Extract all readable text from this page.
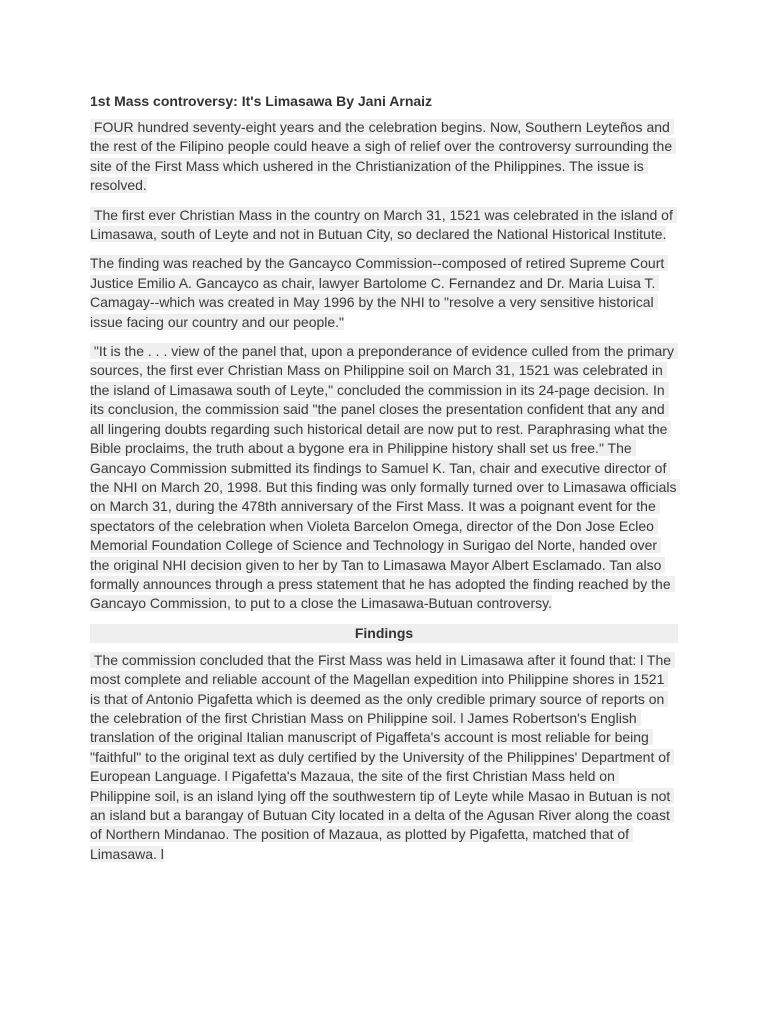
1st Mass controversy: It's Limasawa By Jani Arnaiz

FOUR hundred seventy-eight years and the celebration begins. Now, Southern Leyteños and the rest of the Filipino people could heave a sigh of relief over the controversy surrounding the site of the First Mass which ushered in the Christianization of the Philippines. The issue is resolved.

The first ever Christian Mass in the country on March 31, 1521 was celebrated in the island of Limasawa, south of Leyte and not in Butuan City, so declared the National Historical Institute.

The finding was reached by the Gancayco Commission--composed of retired Supreme Court Justice Emilio A. Gancayco as chair, lawyer Bartolome C. Fernandez and Dr. Maria Luisa T. Camagay--which was created in May 1996 by the NHI to "resolve a very sensitive historical issue facing our country and our people."

"It is the . . . view of the panel that, upon a preponderance of evidence culled from the primary sources, the first ever Christian Mass on Philippine soil on March 31, 1521 was celebrated in the island of Limasawa south of Leyte," concluded the commission in its 24-page decision. In its conclusion, the commission said "the panel closes the presentation confident that any and all lingering doubts regarding such historical detail are now put to rest. Paraphrasing what the Bible proclaims, the truth about a bygone era in Philippine history shall set us free." The Gancayo Commission submitted its findings to Samuel K. Tan, chair and executive director of the NHI on March 20, 1998. But this finding was only formally turned over to Limasawa officials on March 31, during the 478th anniversary of the First Mass. It was a poignant event for the spectators of the celebration when Violeta Barcelon Omega, director of the Don Jose Ecleo Memorial Foundation College of Science and Technology in Surigao del Norte, handed over the original NHI decision given to her by Tan to Limasawa Mayor Albert Esclamado. Tan also formally announces through a press statement that he has adopted the finding reached by the Gancayo Commission, to put to a close the Limasawa-Butuan controversy.

Findings

The commission concluded that the First Mass was held in Limasawa after it found that: l The most complete and reliable account of the Magellan expedition into Philippine shores in 1521 is that of Antonio Pigafetta which is deemed as the only credible primary source of reports on the celebration of the first Christian Mass on Philippine soil. l James Robertson's English translation of the original Italian manuscript of Pigaffeta's account is most reliable for being "faithful" to the original text as duly certified by the University of the Philippines' Department of European Language. l Pigafetta's Mazaua, the site of the first Christian Mass held on Philippine soil, is an island lying off the southwestern tip of Leyte while Masao in Butuan is not an island but a barangay of Butuan City located in a delta of the Agusan River along the coast of Northern Mindanao. The position of Mazaua, as plotted by Pigafetta, matched that of Limasawa. l
